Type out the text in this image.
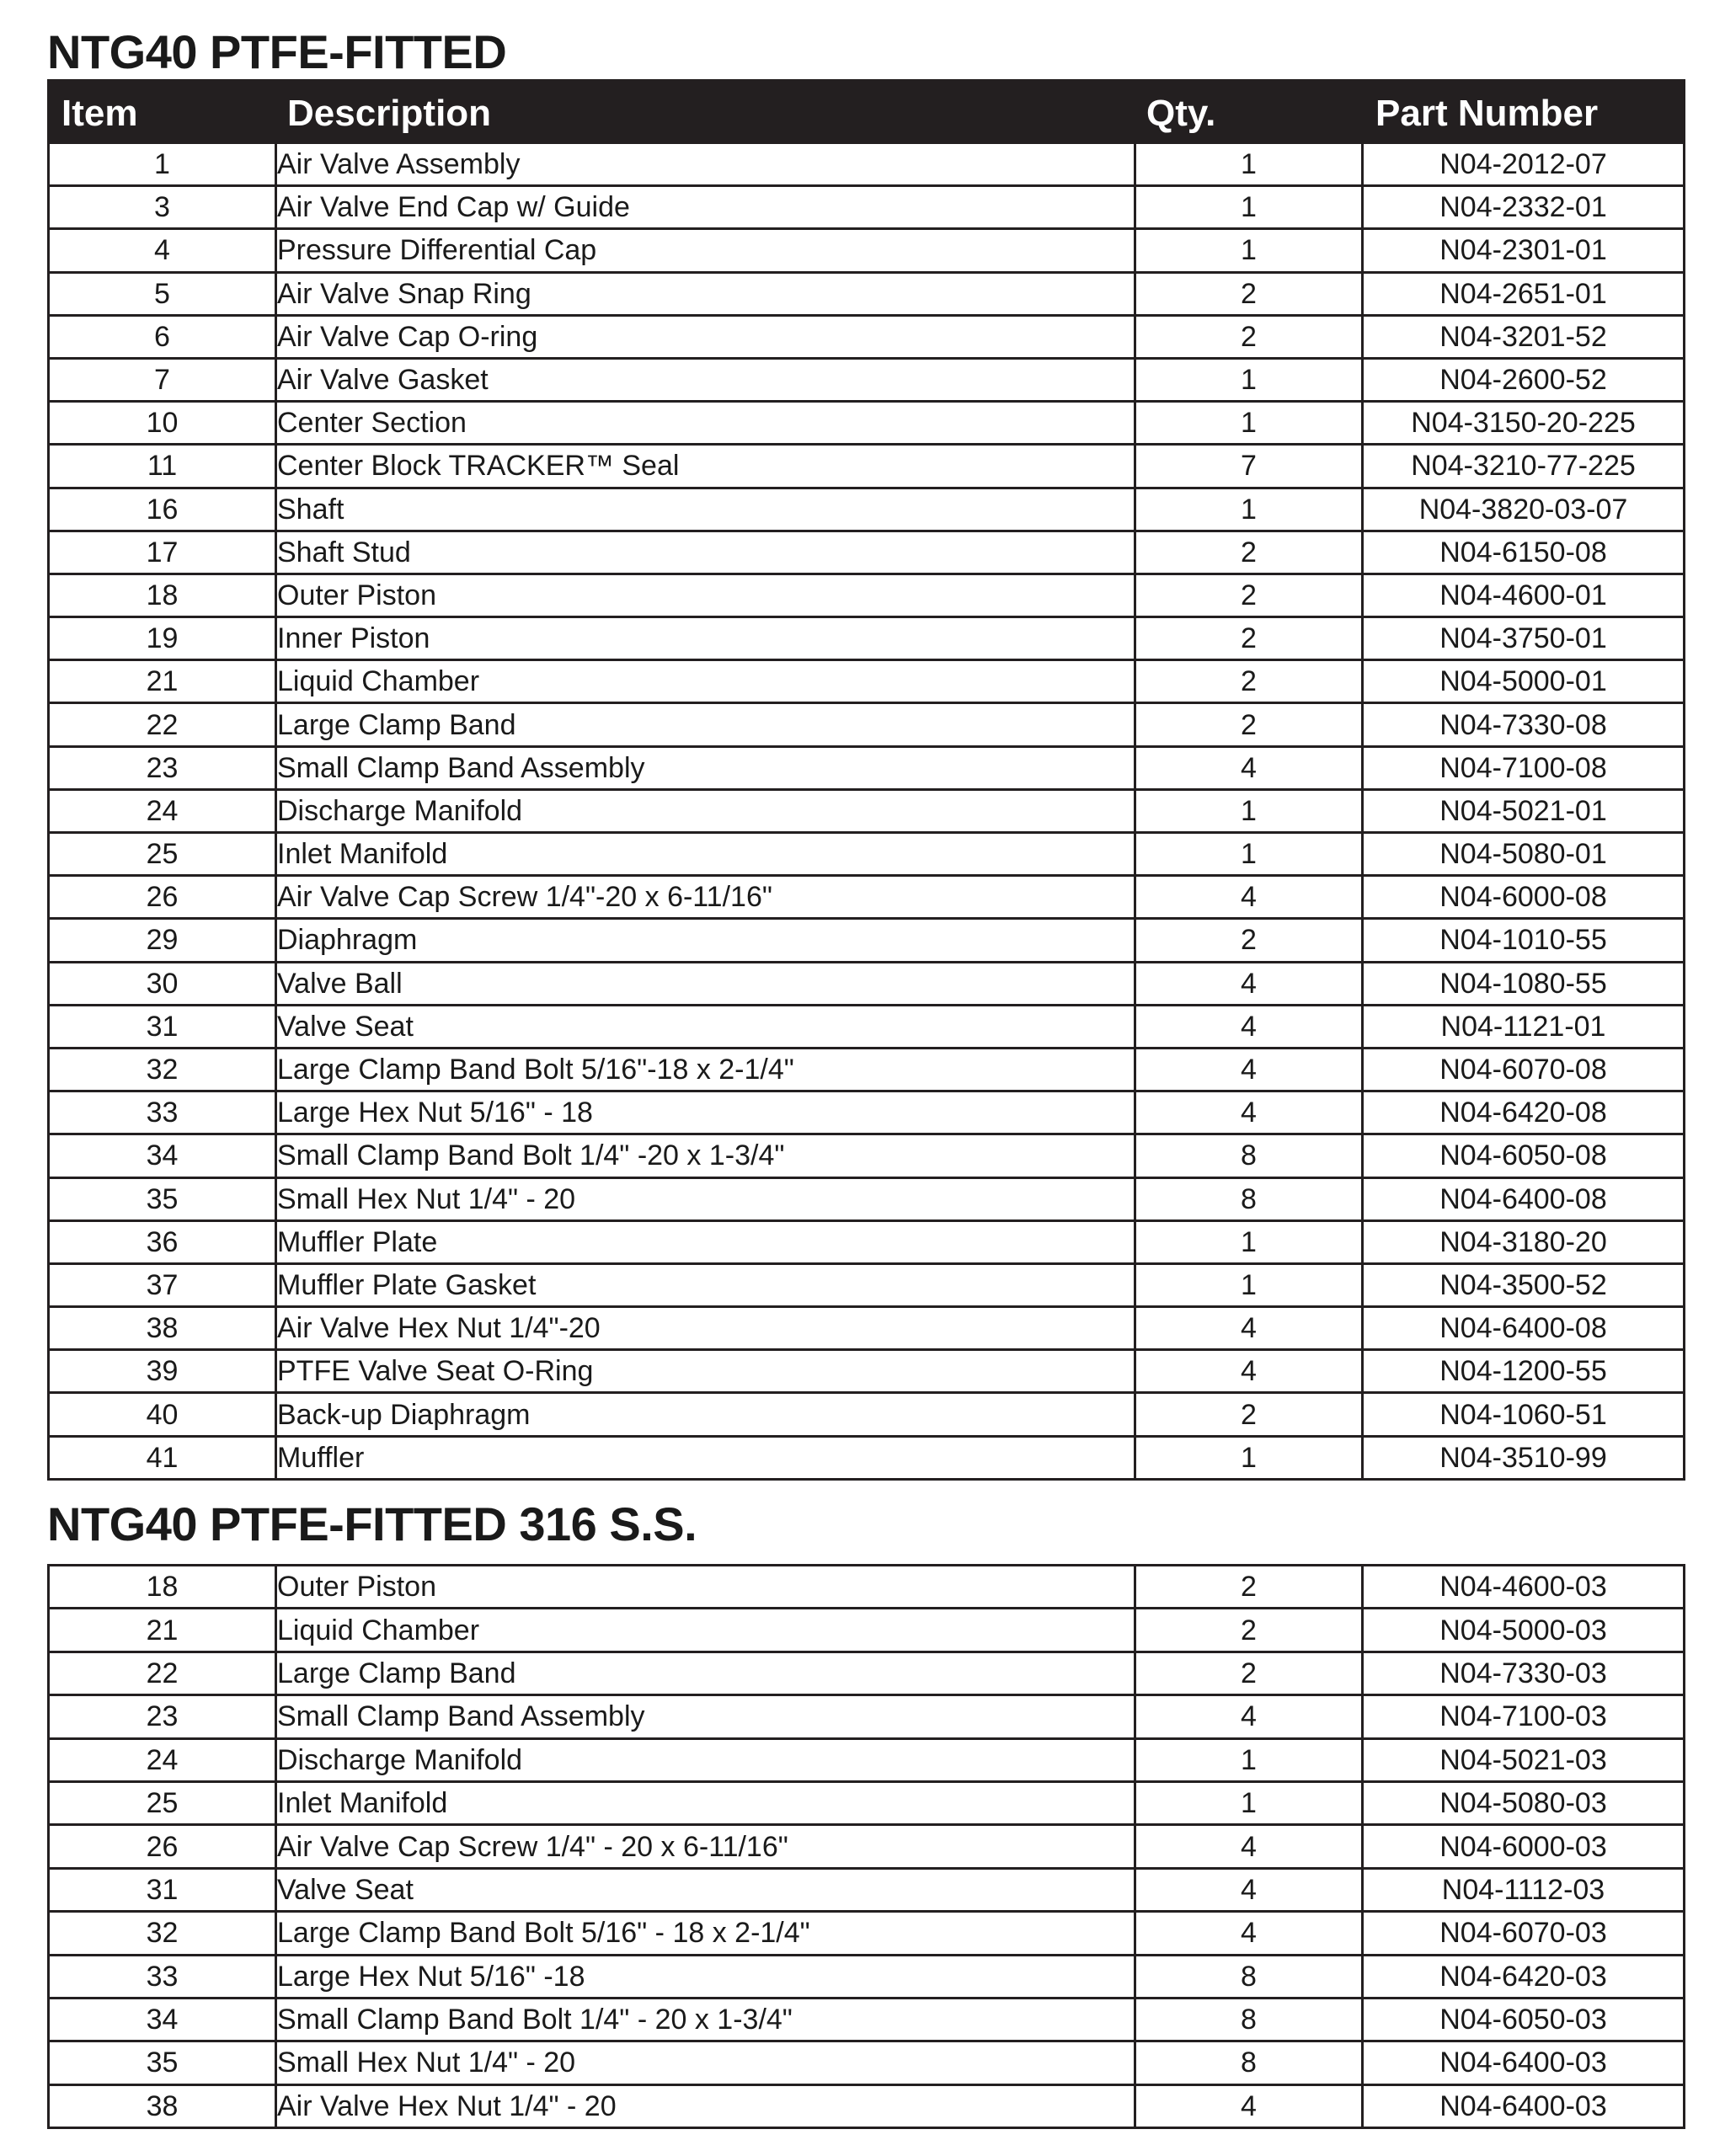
NTG40 PTFE-FITTED
Item	Description	Qty.	Part Number
1	Air Valve Assembly	1	N04-2012-07
3	Air Valve End Cap w/ Guide	1	N04-2332-01
4	Pressure Differential Cap	1	N04-2301-01
5	Air Valve Snap Ring	2	N04-2651-01
6	Air Valve Cap O-ring	2	N04-3201-52
7	Air Valve Gasket	1	N04-2600-52
10	Center Section	1	N04-3150-20-225
11	Center Block TRACKER™ Seal	7	N04-3210-77-225
16	Shaft	1	N04-3820-03-07
17	Shaft Stud	2	N04-6150-08
18	Outer Piston	2	N04-4600-01
19	Inner Piston	2	N04-3750-01
21	Liquid Chamber	2	N04-5000-01
22	Large Clamp Band	2	N04-7330-08
23	Small Clamp Band Assembly	4	N04-7100-08
24	Discharge Manifold	1	N04-5021-01
25	Inlet Manifold	1	N04-5080-01
26	Air Valve Cap Screw 1/4"-20 x 6-11/16"	4	N04-6000-08
29	Diaphragm	2	N04-1010-55
30	Valve Ball	4	N04-1080-55
31	Valve Seat	4	N04-1121-01
32	Large Clamp Band Bolt 5/16"-18 x 2-1/4"	4	N04-6070-08
33	Large Hex Nut 5/16" - 18	4	N04-6420-08
34	Small Clamp Band Bolt 1/4" -20 x 1-3/4"	8	N04-6050-08
35	Small Hex Nut 1/4" - 20	8	N04-6400-08
36	Muffler Plate	1	N04-3180-20
37	Muffler Plate Gasket	1	N04-3500-52
38	Air Valve Hex Nut 1/4"-20	4	N04-6400-08
39	PTFE Valve Seat O-Ring	4	N04-1200-55
40	Back-up Diaphragm	2	N04-1060-51
41	Muffler	1	N04-3510-99
NTG40 PTFE-FITTED 316 S.S.
18	Outer Piston	2	N04-4600-03
21	Liquid Chamber	2	N04-5000-03
22	Large Clamp Band	2	N04-7330-03
23	Small Clamp Band Assembly	4	N04-7100-03
24	Discharge Manifold	1	N04-5021-03
25	Inlet Manifold	1	N04-5080-03
26	Air Valve Cap Screw 1/4" - 20 x 6-11/16"	4	N04-6000-03
31	Valve Seat	4	N04-1112-03
32	Large Clamp Band Bolt 5/16" - 18 x 2-1/4"	4	N04-6070-03
33	Large Hex Nut 5/16" -18	8	N04-6420-03
34	Small Clamp Band Bolt 1/4" - 20 x 1-3/4"	8	N04-6050-03
35	Small Hex Nut 1/4" - 20	8	N04-6400-03
38	Air Valve Hex Nut 1/4" - 20	4	N04-6400-03
